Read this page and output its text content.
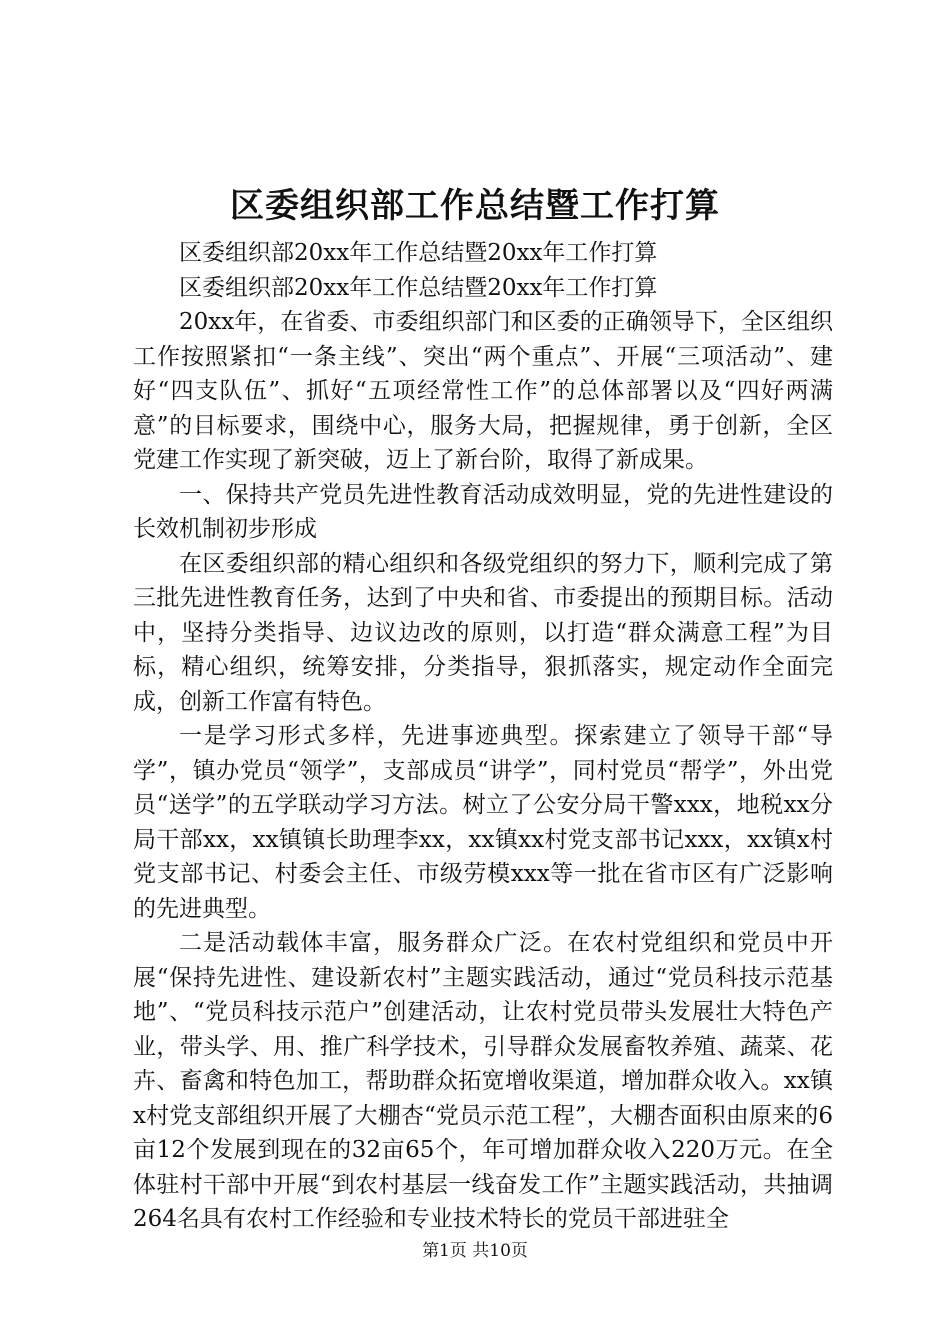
区委组织部工作总结暨工作打算

区委组织部20xx年工作总结暨20xx年工作打算

区委组织部20xx年工作总结暨20xx年工作打算

20xx年，在省委、市委组织部门和区委的正确领导下，全区组织工作按照紧扣“一条主线”、突出“两个重点”、开展“三项活动”、建好“四支队伍”、抓好“五项经常性工作”的总体部署以及“四好两满意”的目标要求，围绕中心，服务大局，把握规律，勇于创新，全区党建工作实现了新突破，迈上了新台阶，取得了新成果。

一、保持共产党员先进性教育活动成效明显，党的先进性建设的长效机制初步形成

在区委组织部的精心组织和各级党组织的努力下，顺利完成了第三批先进性教育任务，达到了中央和省、市委提出的预期目标。活动中，坚持分类指导、边议边改的原则，以打造“群众满意工程”为目标，精心组织，统筹安排，分类指导，狠抓落实，规定动作全面完成，创新工作富有特色。

一是学习形式多样，先进事迹典型。探索建立了领导干部“导学”，镇办党员“领学”，支部成员“讲学”，同村党员“帮学”，外出党员“送学”的五学联动学习方法。树立了公安分局干警xxx，地税xx分局干部xx，xx镇镇长助理李xx，xx镇xx村党支部书记xxx，xx镇x村党支部书记、村委会主任、市级劳模xxx等一批在省市区有广泛影响的先进典型。

二是活动载体丰富，服务群众广泛。在农村党组织和党员中开展“保持先进性、建设新农村”主题实践活动，通过“党员科技示范基地”、“党员科技示范户”创建活动，让农村党员带头发展壮大特色产业，带头学、用、推广科学技术，引导群众发展畜牧养殖、蔬菜、花卉、畜禽和特色加工，帮助群众拓宽增收渠道，增加群众收入。xx镇x村党支部组织开展了大棚杏“党员示范工程”，大棚杏面积由原来的6亩12个发展到现在的32亩65个，年可增加群众收入220万元。在全体驻村干部中开展“到农村基层一线奋发工作”主题实践活动，共抽调264名具有农村工作经验和专业技术特长的党员干部进驻全

第1页 共10页
